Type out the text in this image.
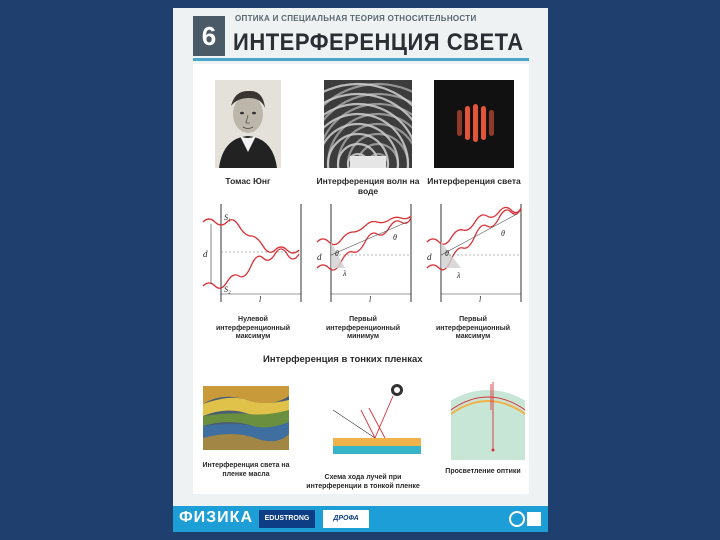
6
ОПТИКА И СПЕЦИАЛЬНАЯ ТЕОРИЯ ОТНОСИТЕЛЬНОСТИ
ИНТЕРФЕРЕНЦИЯ СВЕТА
Томас Юнг	Интерференция волн на воде
Интерференция света
S₁
S₂
d
l
d θ
θ
λ
l
d θ
θ
λ
l
Нулевой интерференционный максимум
Первый интерференционный минимум
Первый интерференционный максимум
Интерференция в тонких пленках
Интерференция света на пленке масла	Схема хода лучей при интерференции в тонкой пленке
Просветление оптики
ФИЗИКА	EDUSTRONG	ДРОФА
